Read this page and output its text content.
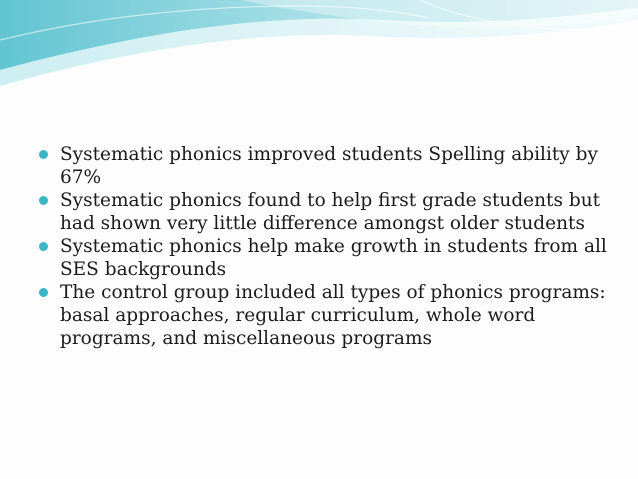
Systematic phonics improved students Spelling ability by 67%
Systematic phonics found to help first grade students but had shown very little difference amongst older students
Systematic phonics help make growth in students from all SES backgrounds
The control group included all types of phonics programs: basal approaches, regular curriculum, whole word programs, and miscellaneous programs
